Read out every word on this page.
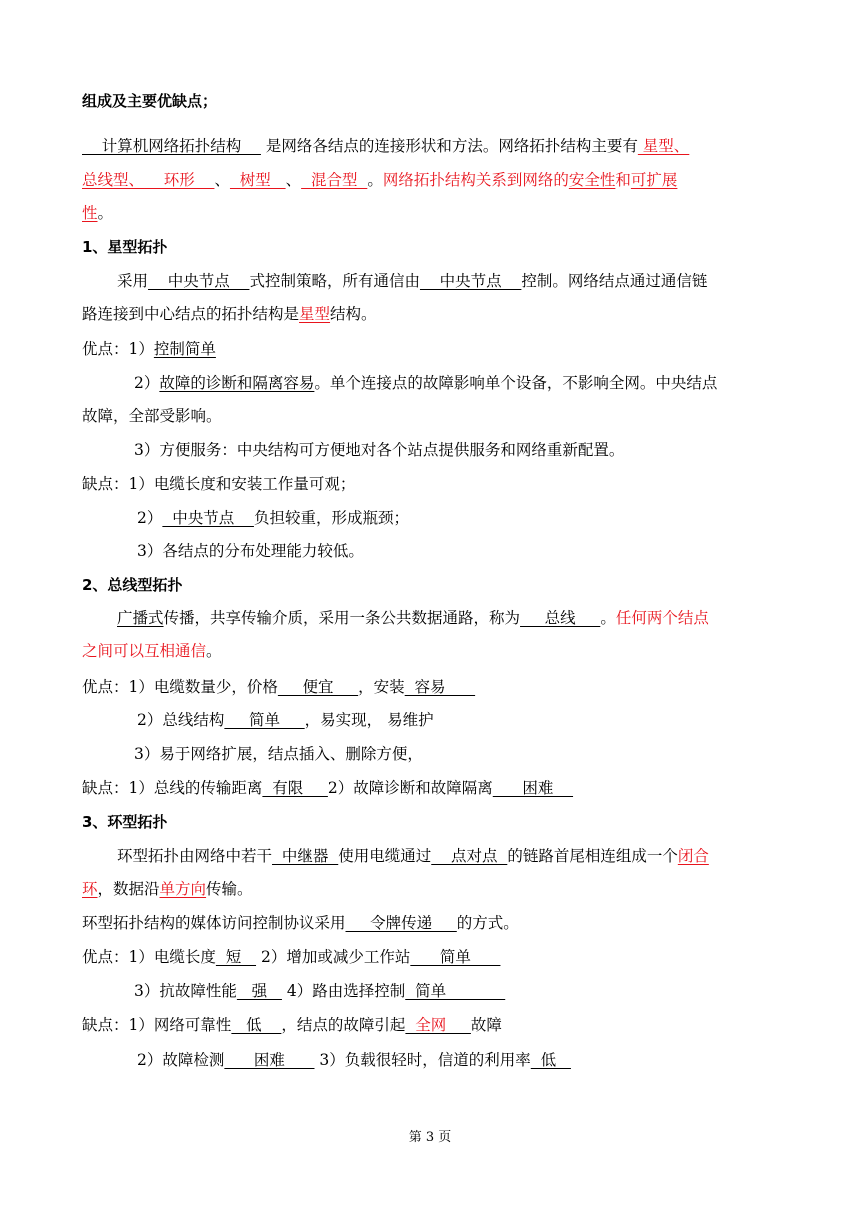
组成及主要优缺点；
计算机网络拓扑结构     是网络各结点的连接形状和方法。网络拓扑结构主要有 星型、
总线型、    环形    、  树型   、  混合型  。网络拓扑结构关系到网络的安全性和可扩展
性。
1、星型拓扑
采用    中央节点    式控制策略，所有通信由    中央节点    控制。网络结点通过通信链
路连接到中心结点的拓扑结构是星型结构。
优点：1）控制简单
2）故障的诊断和隔离容易。单个连接点的故障影响单个设备，不影响全网。中央结点
故障，全部受影响。
3）方便服务：中央结构可方便地对各个站点提供服务和网络重新配置。
缺点：1）电缆长度和安装工作量可观；
2）  中央节点    负担较重，形成瓶颈；
3）各结点的分布处理能力较低。
2、总线型拓扑
广播式传播，共享传输介质，采用一条公共数据通路，称为     总线     。任何两个结点
之间可以互相通信。
优点：1）电缆数量少，价格     便宜     ，安装  容易
2）总线结构     简单     ，易实现， 易维护
3）易于网络扩展，结点插入、删除方便，
缺点：1）总线的传输距离  有限     2）故障诊断和故障隔离      困难
3、环型拓扑
环型拓扑由网络中若干  中继器  使用电缆通过    点对点  的链路首尾相连组成一个闭合
环，数据沿单方向传输。
环型拓扑结构的媒体访问控制协议采用     令牌传递     的方式。
优点：1）电缆长度  短    2）增加或减少工作站      简单
3）抗故障性能   强    4）路由选择控制  简单
缺点：1）网络可靠性   低    ，结点的故障引起  全网     故障
2）故障检测      困难       3）负载很轻时，信道的利用率  低
第 3 页
